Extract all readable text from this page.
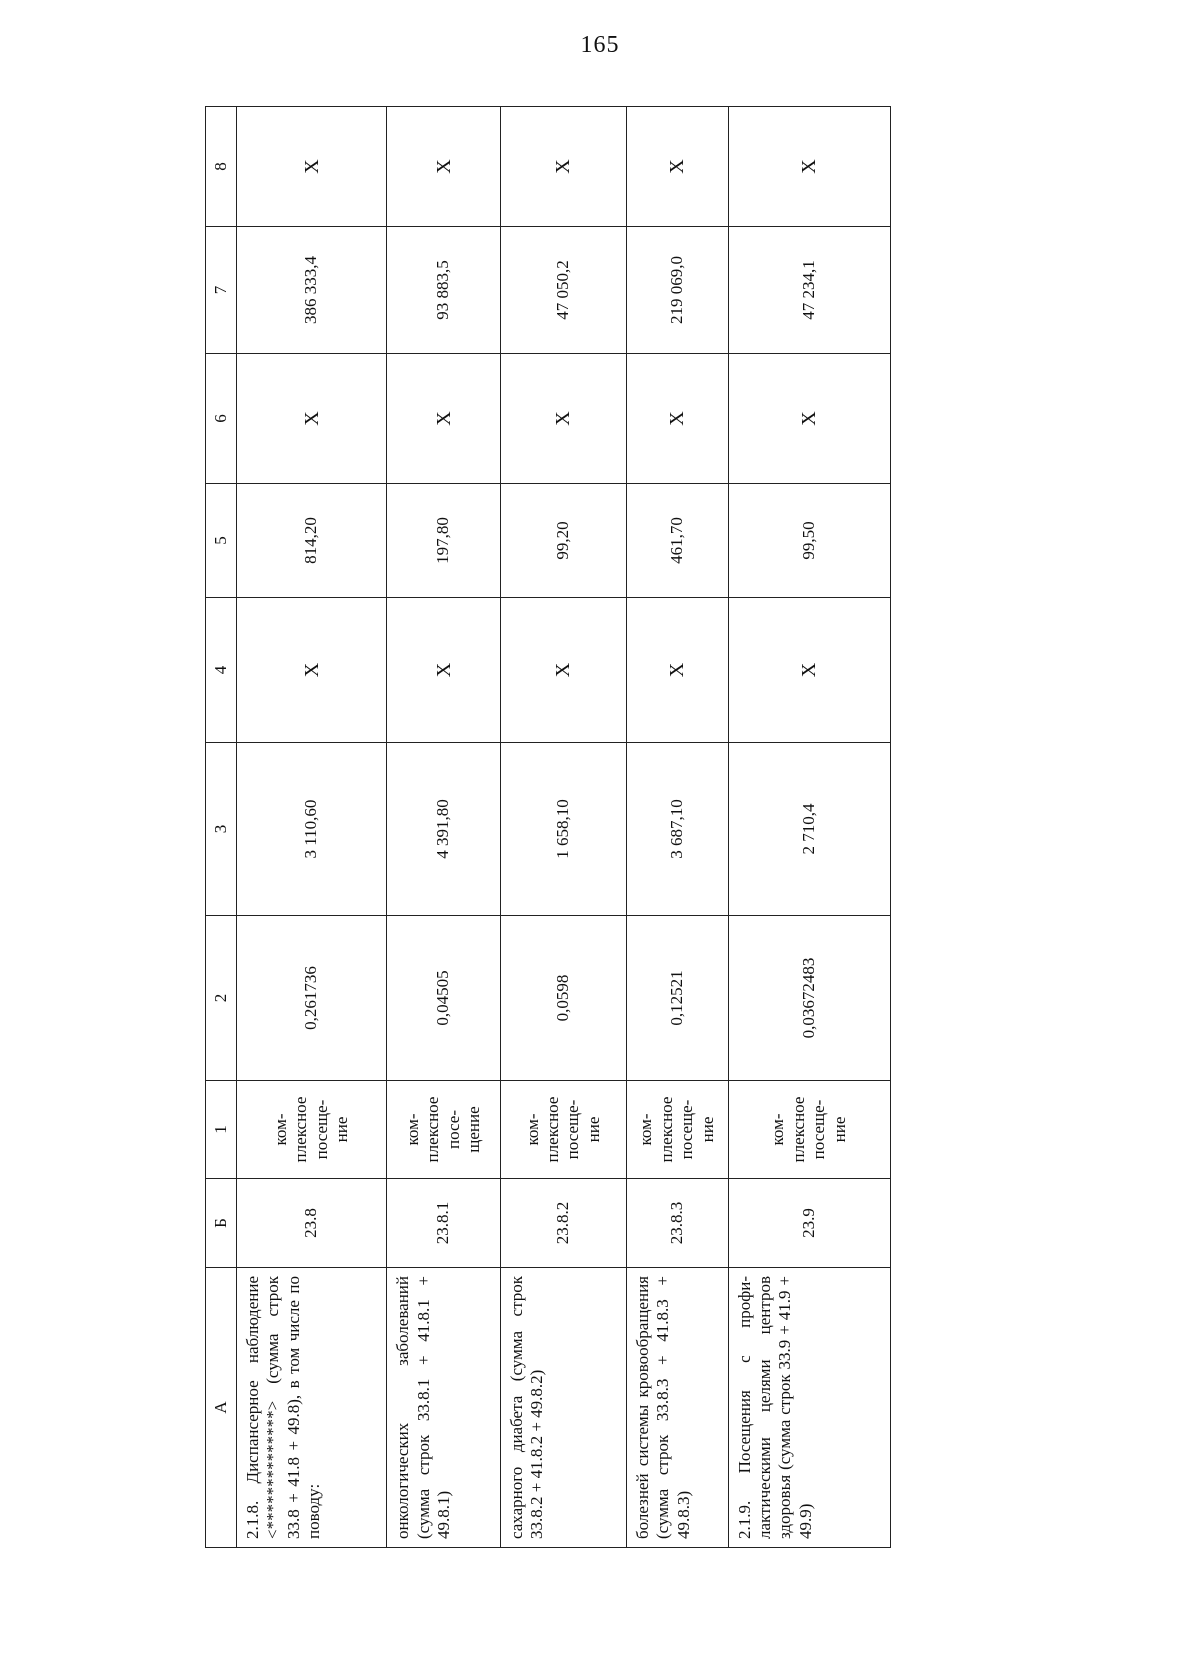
165
А	Б	1	2	3	4	5	6	7	8
2.1.8. Диспансерное наблюдение <**************> (сумма строк 33.8 + 41.8 + 49.8), в том числе по поводу:	23.8	ком- плексное посеще- ние	0,261736	3 110,60	X	814,20	X	386 333,4	X
онкологических заболеваний (сумма строк 33.8.1 + 41.8.1 + 49.8.1)	23.8.1	ком- плексное посе- щение	0,04505	4 391,80	X	197,80	X	93 883,5	X
сахарного диабета (сумма строк 33.8.2 + 41.8.2 + 49.8.2)	23.8.2	ком- плексное посеще- ние	0,0598	1 658,10	X	99,20	X	47 050,2	X
болезней системы кровообращения (сумма строк 33.8.3 + 41.8.3 + 49.8.3)	23.8.3	ком- плексное посеще- ние	0,12521	3 687,10	X	461,70	X	219 069,0	X
2.1.9. Посещения с профилактическими целями центров здоровья (сумма строк 33.9 + 41.9 + 49.9)	23.9	ком- плексное посеще- ние	0,03672483	2 710,4	X	99,50	X	47 234,1	X
